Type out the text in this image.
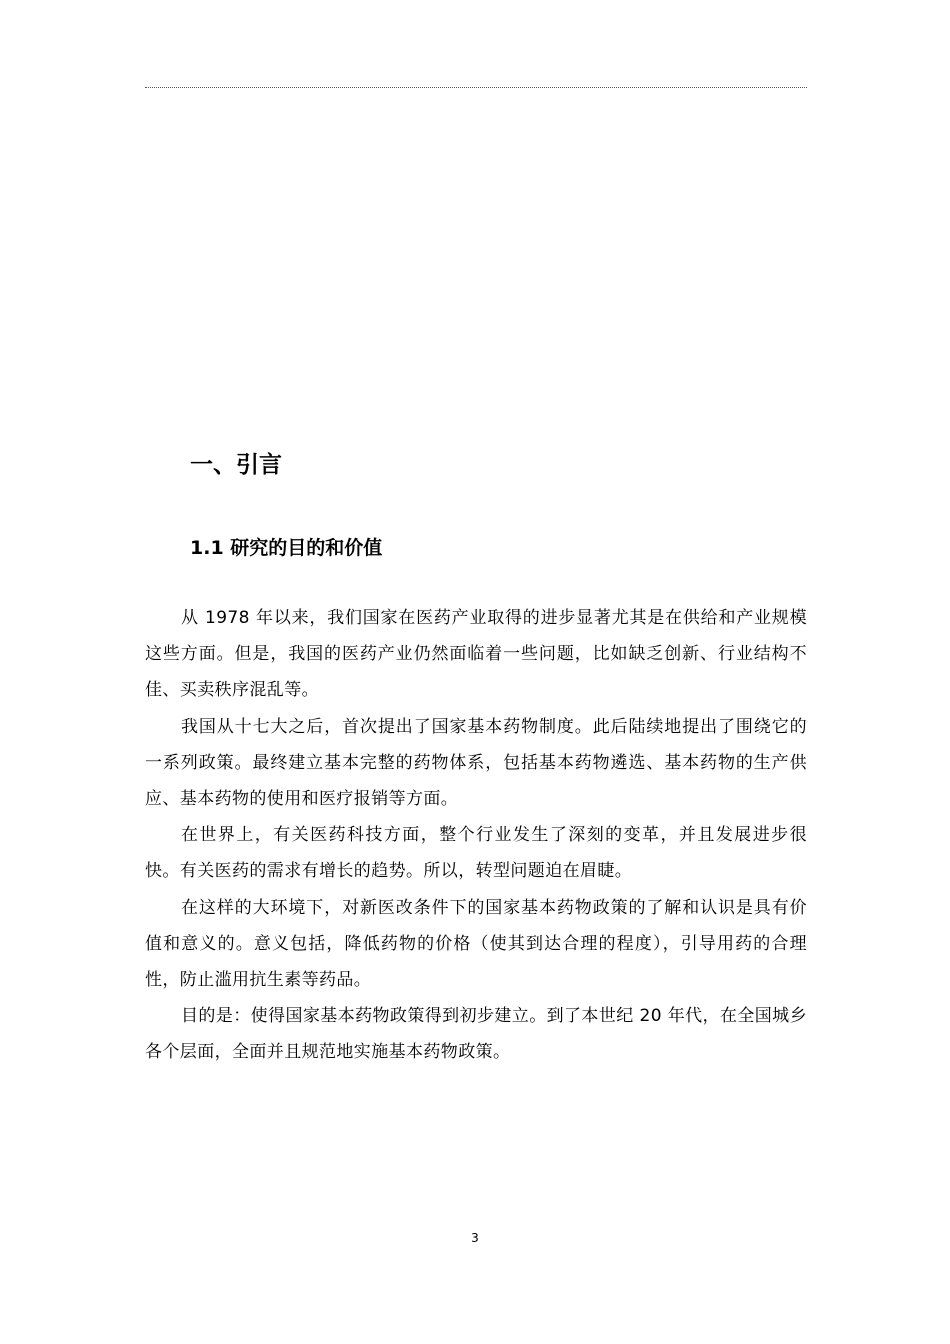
一、引言
1.1 研究的目的和价值

从 1978 年以来，我们国家在医药产业取得的进步显著尤其是在供给和产业规模这些方面。但是，我国的医药产业仍然面临着一些问题，比如缺乏创新、行业结构不佳、买卖秩序混乱等。

我国从十七大之后，首次提出了国家基本药物制度。此后陆续地提出了围绕它的一系列政策。最终建立基本完整的药物体系，包括基本药物遴选、基本药物的生产供应、基本药物的使用和医疗报销等方面。

在世界上，有关医药科技方面，整个行业发生了深刻的变革，并且发展进步很快。有关医药的需求有增长的趋势。所以，转型问题迫在眉睫。

在这样的大环境下，对新医改条件下的国家基本药物政策的了解和认识是具有价值和意义的。意义包括，降低药物的价格（使其到达合理的程度），引导用药的合理性，防止滥用抗生素等药品。

目的是：使得国家基本药物政策得到初步建立。到了本世纪 20 年代，在全国城乡各个层面，全面并且规范地实施基本药物政策。

3
